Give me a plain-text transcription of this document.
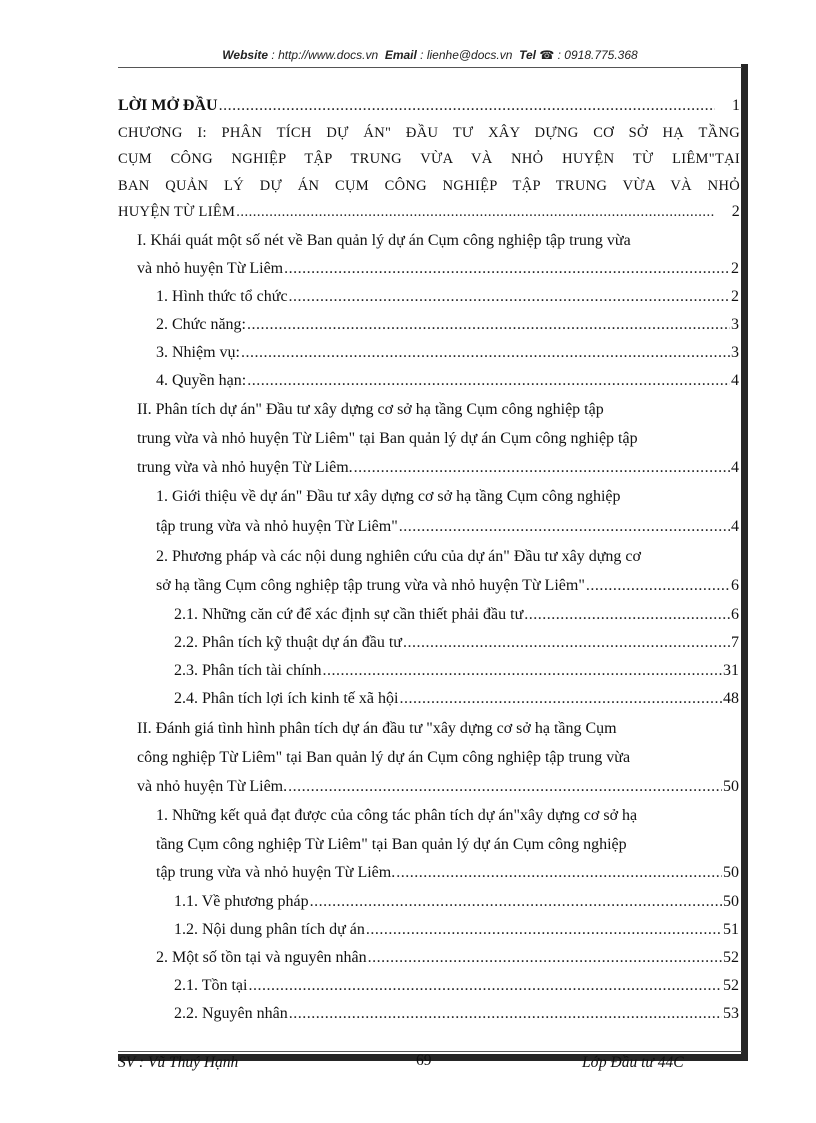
Website : http://www.docs.vn Email : lienhe@docs.vn Tel ☎ : 0918.775.368
LỜI MỞ ĐẦU .....	1
CHƯƠNG I: PHÂN TÍCH DỰ ÁN" ĐẦU TƯ XÂY DỰNG CƠ SỞ HẠ TẦNG
CỤM CÔNG NGHIỆP TẬP TRUNG VỪA VÀ NHỎ HUYỆN TỪ LIÊM"TẠI
BAN QUẢN LÝ DỰ ÁN CỤM CÔNG NGHIỆP TẬP TRUNG VỪA VÀ NHỎ
HUYỆN TỪ LIÊM .....	2
I. Khái quát một số nét về Ban quản lý dự án Cụm công nghiệp tập trung vừa
và nhỏ huyện Từ Liêm .....	2
1. Hình thức tổ chức .....	2
2. Chức năng: .....	3
3. Nhiệm vụ: .....	3
4. Quyền hạn: .....	4
II. Phân tích dự án" Đầu tư xây dựng cơ sở hạ tầng Cụm công nghiệp tập
trung vừa và nhỏ huyện Từ Liêm" tại Ban quản lý dự án Cụm công nghiệp tập
trung vừa và nhỏ huyện Từ Liêm. .....	4
1. Giới thiệu về dự án" Đầu tư xây dựng cơ sở hạ tầng Cụm công nghiệp
tập trung vừa và nhỏ huyện Từ Liêm" .....	4
2. Phương pháp và các nội dung nghiên cứu của dự án" Đầu tư xây dựng cơ
sở hạ tầng Cụm công nghiệp tập trung vừa và nhỏ huyện Từ Liêm" .....	6
2.1. Những căn cứ để xác định sự cần thiết phải đầu tư .....	6
2.2. Phân tích kỹ thuật dự án đầu tư .....	7
2.3. Phân tích tài chính .....	31
2.4. Phân tích lợi ích kinh tế xã hội .....	48
II. Đánh giá tình hình phân tích dự án đầu tư "xây dựng cơ sở hạ tầng Cụm
công nghiệp Từ Liêm" tại Ban quản lý dự án Cụm công nghiệp tập trung vừa
và nhỏ huyện Từ Liêm. .....	50
1. Những kết quả đạt được của công tác phân tích dự án"xây dựng cơ sở hạ
tầng Cụm công nghiệp Từ Liêm" tại Ban quản lý dự án Cụm công nghiệp
tập trung vừa và nhỏ huyện Từ Liêm. .....	50
1.1. Về phương pháp .....	50
1.2. Nội dung phân tích dự án .....	51
2. Một số tồn tại và nguyên nhân .....	52
2.1. Tồn tại .....	52
2.2. Nguyên nhân .....	53
SV : Vũ Thuý Hạnh	69	Lớp Đầu tư 44C
